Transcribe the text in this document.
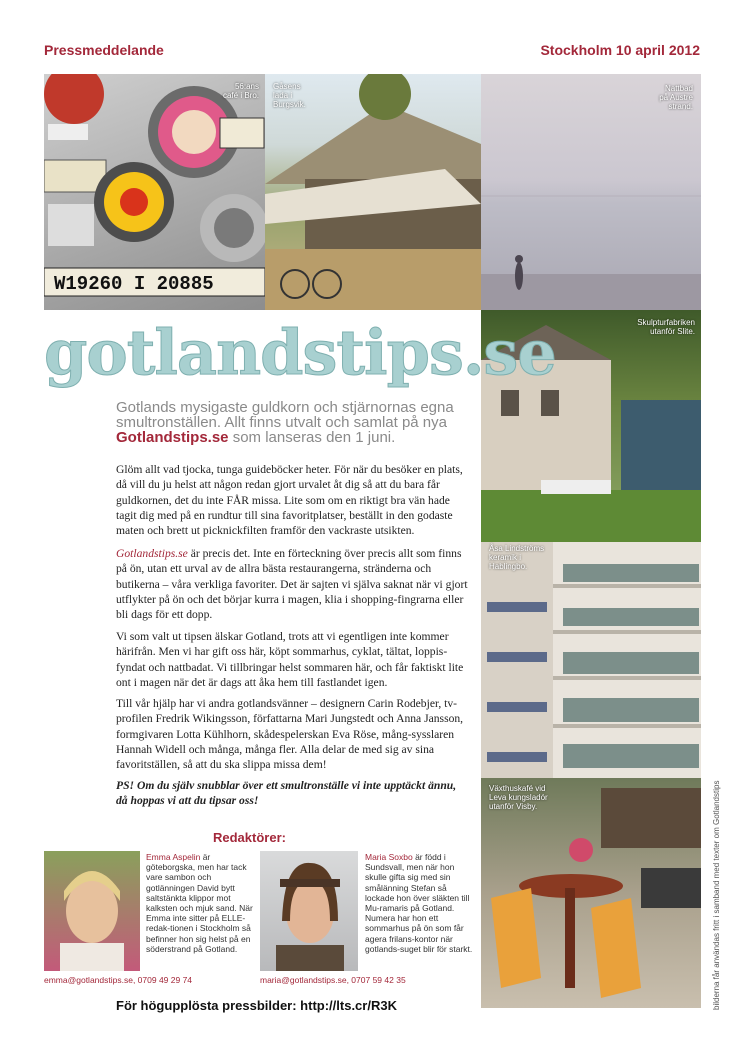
Pressmeddelande	Stockholm 10 april 2012
W19260 I 20885
56:ans
café i Bro.
Gåsens
lada i
Burgsvik.
Nattbad
på Austre
strand.
Skulpturfabriken
utanför Slite.
Åsa Lindströms
keramik i
Hablingbo.
Växthuskafé vid
Leva kungsladór
utanför Visby.
gotlandstips.se
Gotlands mysigaste guldkorn och stjärnornas egna smultronställen. Allt finns utvalt och samlat på nya Gotlandstips.se som lanseras den 1 juni.

Glöm allt vad tjocka, tunga guideböcker heter. För när du besöker en plats, då vill du ju helst att någon redan gjort urvalet åt dig så att du bara får guldkornen, det du inte FÅR missa. Lite som om en riktigt bra vän hade tagit dig med på en rundtur till sina favoritplatser, beställt in den godaste maten och brett ut picknickfilten framför den vackraste utsikten.

Gotlandstips.se är precis det. Inte en förteckning över precis allt som finns på ön, utan ett urval av de allra bästa restaurangerna, stränderna och butikerna – våra verkliga favoriter. Det är sajten vi själva saknat när vi gjort utflykter på ön och det börjar kurra i magen, klia i shopping-fingrarna eller bli dags för ett dopp.

Vi som valt ut tipsen älskar Gotland, trots att vi egentligen inte kommer härifrån. Men vi har gift oss här, köpt sommarhus, cyklat, tältat, loppis-fyndat och nattbadat. Vi tillbringar helst sommaren här, och får faktiskt lite ont i magen när det är dags att åka hem till fastlandet igen.

Till vår hjälp har vi andra gotlandsvänner – designern Carin Rodebjer, tv-profilen Fredrik Wikingsson, författarna Mari Jungstedt och Anna Jansson, formgivaren Lotta Kühlhorn, skådespelerskan Eva Röse, mång-sysslaren Hannah Widell och många, många fler. Alla delar de med sig av sina favoritställen, så att du ska slippa missa dem!

PS! Om du själv snubblar över ett smultronställe vi inte upptäckt ännu, då hoppas vi att du tipsar oss!

Redaktörer:
Emma Aspelin är göteborgska, men har tack vare sambon och gotlänningen David bytt saltstänkta klippor mot kalksten och mjuk sand. När Emma inte sitter på ELLE-redak-tionen i Stockholm så befinner hon sig helst på en söderstrand på Gotland.
emma@gotlandstips.se, 0709 49 29 74
Maria Soxbo är född i Sundsvall, men när hon skulle gifta sig med sin smålänning Stefan så lockade hon över släkten till Mu-ramaris på Gotland. Numera har hon ett sommarhus på ön som får agera frilans-kontor när gotlands-suget blir för starkt.
maria@gotlandstips.se, 0707 59 42 35
För högupplösta pressbilder: http://lts.cr/R3K	bilderna får användas fritt i samband med texter om Gotlandstips
